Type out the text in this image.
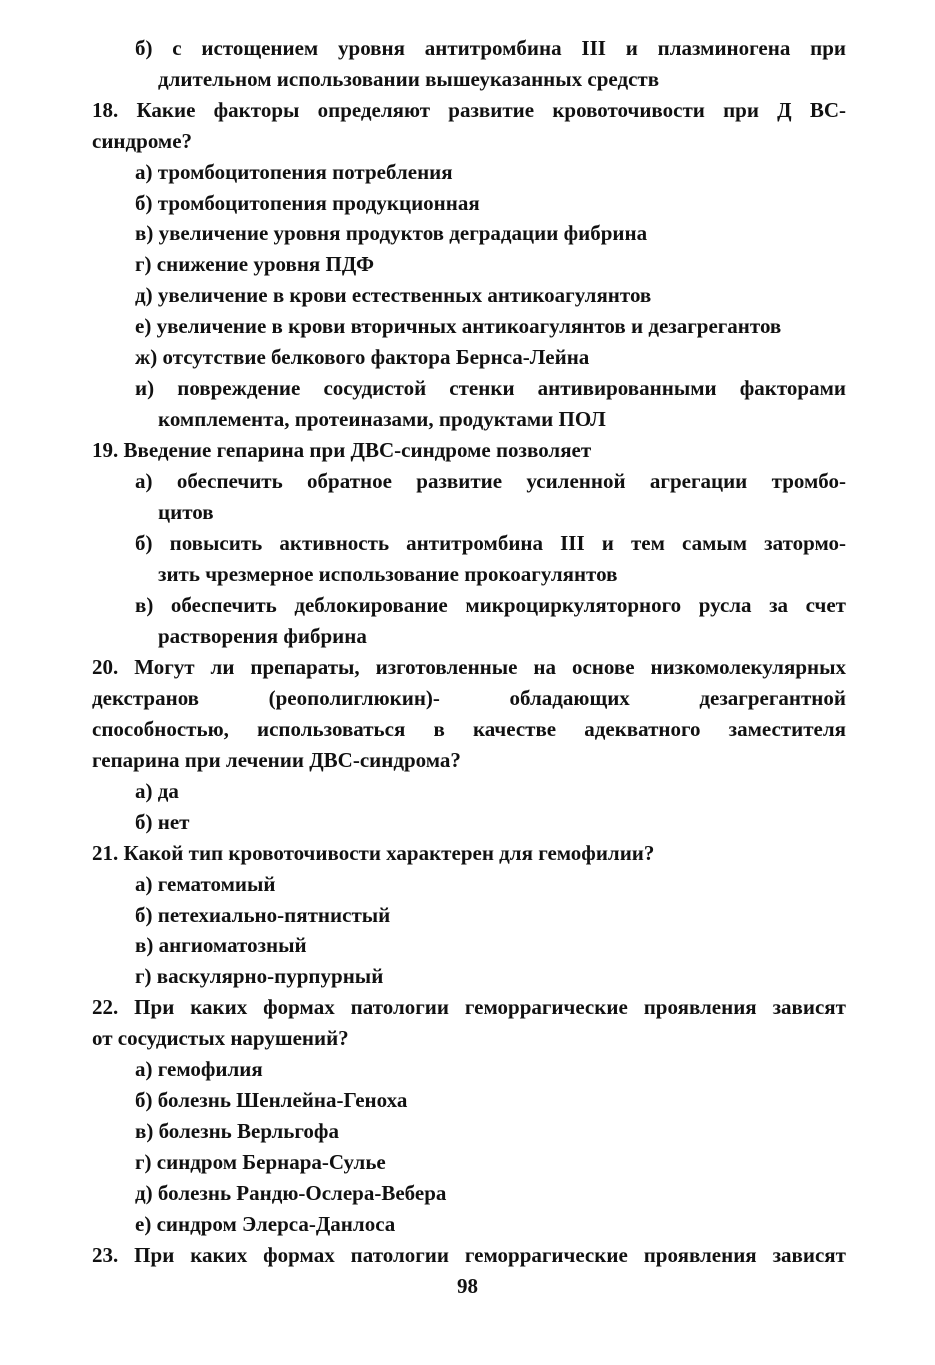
б) с истощением уровня антитромбина III и плазминогена при
длительном использовании вышеуказанных средств
18. Какие факторы определяют развитие кровоточивости при Д ВС-
синдроме?
а) тромбоцитопения потребления
б) тромбоцитопения продукционная
в) увеличение уровня продуктов деградации фибрина
г) снижение уровня ПДФ
д) увеличение в крови естественных антикоагулянтов
е) увеличение в крови вторичных антикоагулянтов и дезагрегантов
ж) отсутствие белкового фактора Бернса-Лейна
и) повреждение сосудистой стенки антивированными факторами
комплемента, протеиназами, продуктами ПОЛ
19. Введение гепарина при ДВС-синдроме позволяет
а) обеспечить обратное развитие усиленной агрегации тромбо-
цитов
б) повысить активность антитромбина III и тем самым затормо-
зить чрезмерное использование прокоагулянтов
в) обеспечить деблокирование микроциркуляторного русла за счет
растворения фибрина
20. Могут ли препараты, изготовленные на основе низкомолекулярных
декстранов (реополиглюкин)- обладающих дезагрегантной
способностью, использоваться в качестве адекватного заместителя
гепарина при лечении ДВС-синдрома?
а) да
б) нет
21. Какой тип кровоточивости характерен для гемофилии?
а) гематомиый
б) петехиально-пятнистый
в) ангиоматозный
г) васкулярно-пурпурный
22. При каких формах патологии геморрагические проявления зависят
от сосудистых нарушений?
а) гемофилия
б) болезнь Шенлейна-Геноха
в) болезнь Верльгофа
г) синдром Бернара-Сулье
д) болезнь Рандю-Ослера-Вебера
е) синдром Элерса-Данлоса
23. При каких формах патологии геморрагические проявления зависят
98
